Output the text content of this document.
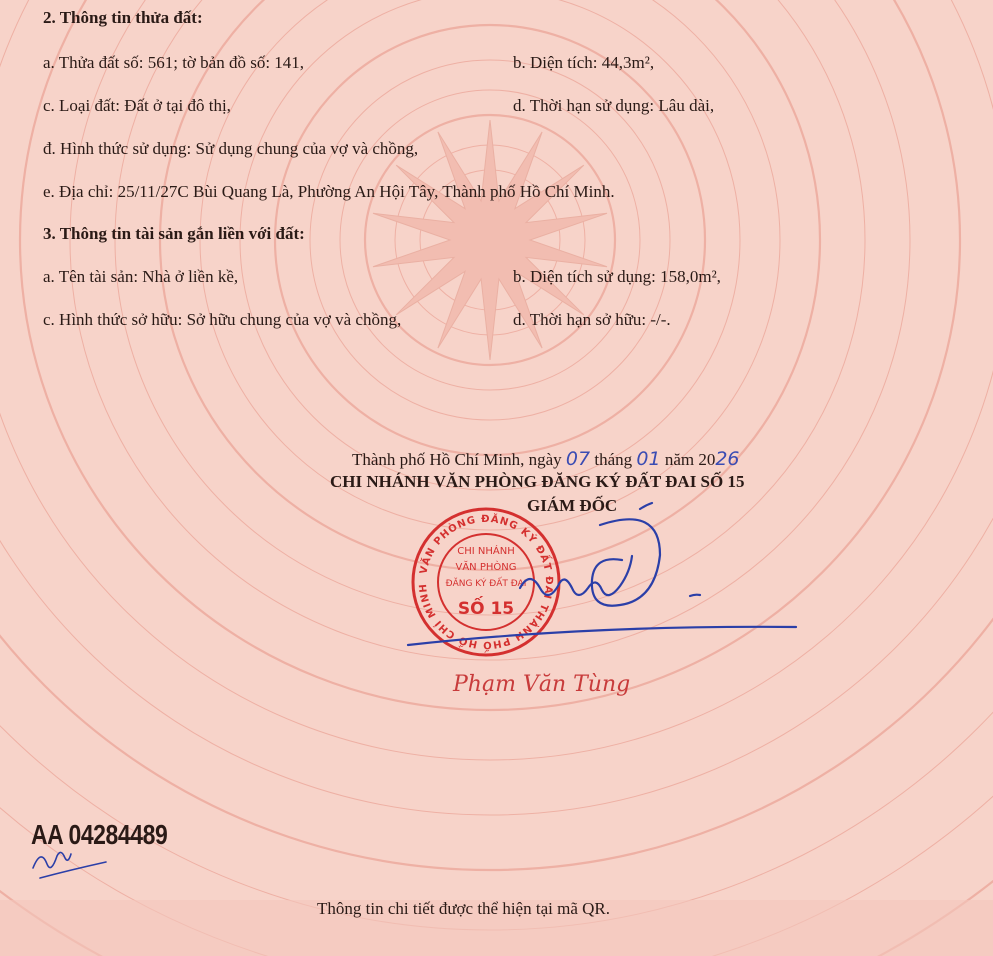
2. Thông tin thửa đất:
a. Thửa đất số: 561; tờ bản đồ số: 141,	b. Diện tích: 44,3m²,
c. Loại đất: Đất ở tại đô thị,	d. Thời hạn sử dụng: Lâu dài,
đ. Hình thức sử dụng: Sử dụng chung của vợ và chồng,
e. Địa chỉ: 25/11/27C Bùi Quang Là, Phường An Hội Tây, Thành phố Hồ Chí Minh.
3. Thông tin tài sản gắn liền với đất:
a. Tên tài sản: Nhà ở liền kề,	b. Diện tích sử dụng: 158,0m²,
c. Hình thức sở hữu: Sở hữu chung của vợ và chồng,	d. Thời hạn sở hữu: -/-.
Thành phố Hồ Chí Minh, ngày 07 tháng 01 năm 2026
CHI NHÁNH VĂN PHÒNG ĐĂNG KÝ ĐẤT ĐAI SỐ 15
GIÁM ĐỐC
VĂN PHÒNG ĐĂNG KÝ ĐẤT ĐAI THÀNH PHỐ HỒ CHÍ MINH
CHI NHÁNH
VĂN PHÒNG
ĐĂNG KÝ ĐẤT ĐAI
SỐ 15
Phạm Văn Tùng
AA 04284489
Thông tin chi tiết được thể hiện tại mã QR.
